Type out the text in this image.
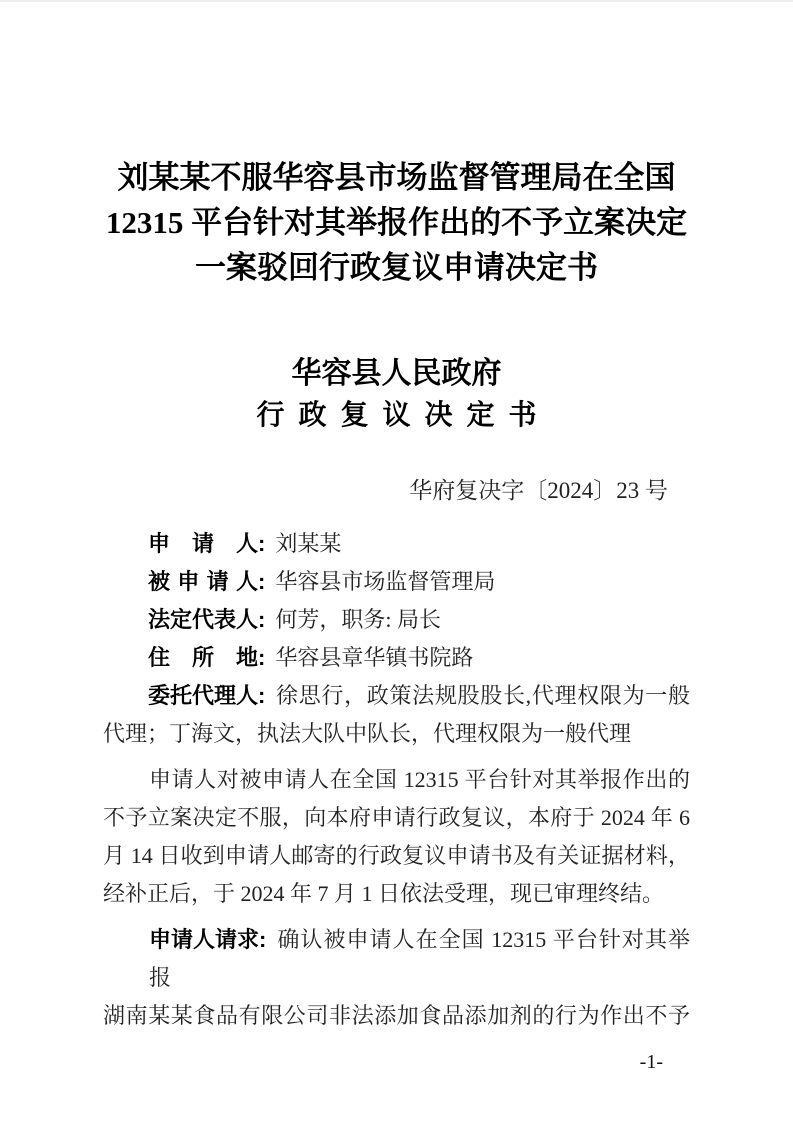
刘某某不服华容县市场监督管理局在全国
12315 平台针对其举报作出的不予立案决定
一案驳回行政复议申请决定书
华容县人民政府
行政复议决定书
华府复决字〔2024〕23 号
申请人: 刘某某
被申请人: 华容县市场监督管理局
法定代表人: 何芳，职务: 局长
住所地: 华容县章华镇书院路
委托代理人: 徐思行，政策法规股股长,代理权限为一般
代理；丁海文，执法大队中队长，代理权限为一般代理
申请人对被申请人在全国 12315 平台针对其举报作出的
不予立案决定不服，向本府申请行政复议，本府于 2024 年 6
月 14 日收到申请人邮寄的行政复议申请书及有关证据材料，
经补正后，于 2024 年 7 月 1 日依法受理，现已审理终结。
申请人请求: 确认被申请人在全国 12315 平台针对其举报
湖南某某食品有限公司非法添加食品添加剂的行为作出不予
-1-
